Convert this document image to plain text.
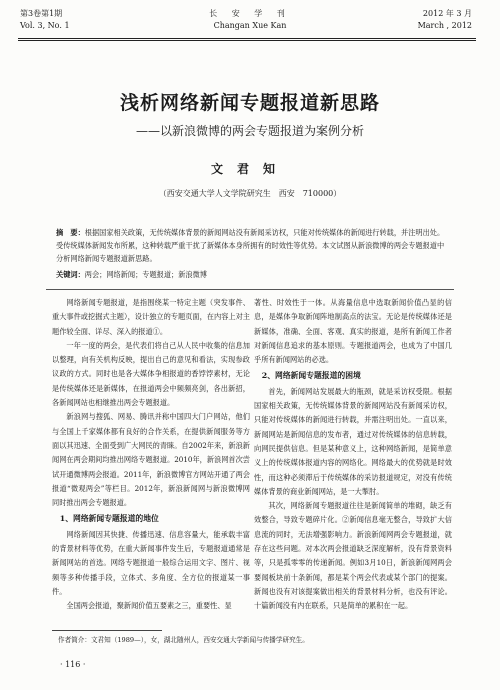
第3卷第1期
Vol. 3, No. 1
长 安 学 刊
Changan Xue Kan
2012 年 3 月
March , 2012
浅析网络新闻专题报道新思路
——以新浪微博的两会专题报道为案例分析
文君知
（西安交通大学人文学院研究生　西安　710000）
摘　要：根据国家相关政策，无传统媒体背景的新闻网站没有新闻采访权，只能对传统媒体的新闻进行转载，并注明出处。受传统媒体新闻发布所累，这种转载严重干扰了新媒体本身所拥有的时效性等优势。本文试图从新浪微博的两会专题报道中分析网络新闻专题报道新思路。
关键词：两会；网络新闻；专题报道；新浪微博

网络新闻专题报道，是指围绕某一特定主题（突发事件、重大事件或挖掘式主题），设计独立的专题页面，在内容上对主题作较全面、详尽、深入的报道①。

一年一度的两会，是代表们将自己从人民中收集的信息加以整理，向有关机构反映，提出自己的意见和看法，实现参政议政的方式。同时也是各大媒体争相报道的香饽饽素材，无论是传统媒体还是新媒体，在报道两会中频频亮剑，各出新招，各新闻网站也相继推出两会专题报道。

新浪网与搜狐、网易、腾讯并称中国四大门户网站，他们与全国上千家媒体都有良好的合作关系，在提供新闻服务等方面以其迅速、全面受到广大网民的青睐。自2002年来，新浪新闻网在两会期间均推出网络专题报道。2010年，新浪网首次尝试开通微博两会报道。2011年，新浪微博官方网站开通了两会报道“微观两会”等栏目。2012年，新浪新闻网与新浪微博网同时推出两会专题报道。

1、网络新闻专题报道的地位

网络新闻因其快捷、传播迅速、信息容量大，能承载丰富的背景材料等优势，在重大新闻事件发生后，专题报道通常是新闻网站的首选。网络专题报道一般综合运用文字、图片、视频等多种传播手段，立体式、多角度、全方位的报道某一事件。

全国两会报道，聚新闻价值五要素之三，重要性、显

著性、时效性于一体。从海量信息中选取新闻价值凸显的信息，是媒体争取新闻阵地制高点的法宝。无论是传统媒体还是新媒体，准确、全面、客观、真实的报道，是所有新闻工作者对新闻信息追求的基本原则。专题报道两会，也成为了中国几乎所有新闻网站的必选。

2、网络新闻专题报道的困境

首先，新闻网站发展最大的瓶颈，就是采访权受限。根据国家相关政策，无传统媒体背景的新闻网站没有新闻采访权，只能对传统媒体的新闻进行转载，并需注明出处。一直以来，新闻网站是新闻信息的发布者，通过对传统媒体的信息转载，向网民提供信息。但是某种意义上，这种网络新闻，是简单意义上的传统媒体报道内容的网络化。网络最大的优势就是时效性，而这种必须滞后于传统媒体的采访报道规定，对没有传统媒体背景的商业新闻网站，是一大掣肘。

其次，网络新闻专题报道往往是新闻简单的堆砌，缺乏有效整合，导致专题碎片化。②新闻信息毫无整合，导致扩大信息流的同时，无法增强影响力。新浪新闻网两会专题报道，就存在这些问题。对本次两会报道缺乏深度解析，没有背景资料等，只是孤零零的传递新闻。例如3月10日，新浪新闻网两会要闻板块前十条新闻，都是某个两会代表或某个部门的提案。新闻也没有对该提案做出相关的背景材料分析，也没有评论。十篇新闻没有内在联系，只是简单的累积在一起。

作者简介：文君知（1989—），女，湖北随州人，西安交通大学新闻与传播学研究生。
· 116 ·
